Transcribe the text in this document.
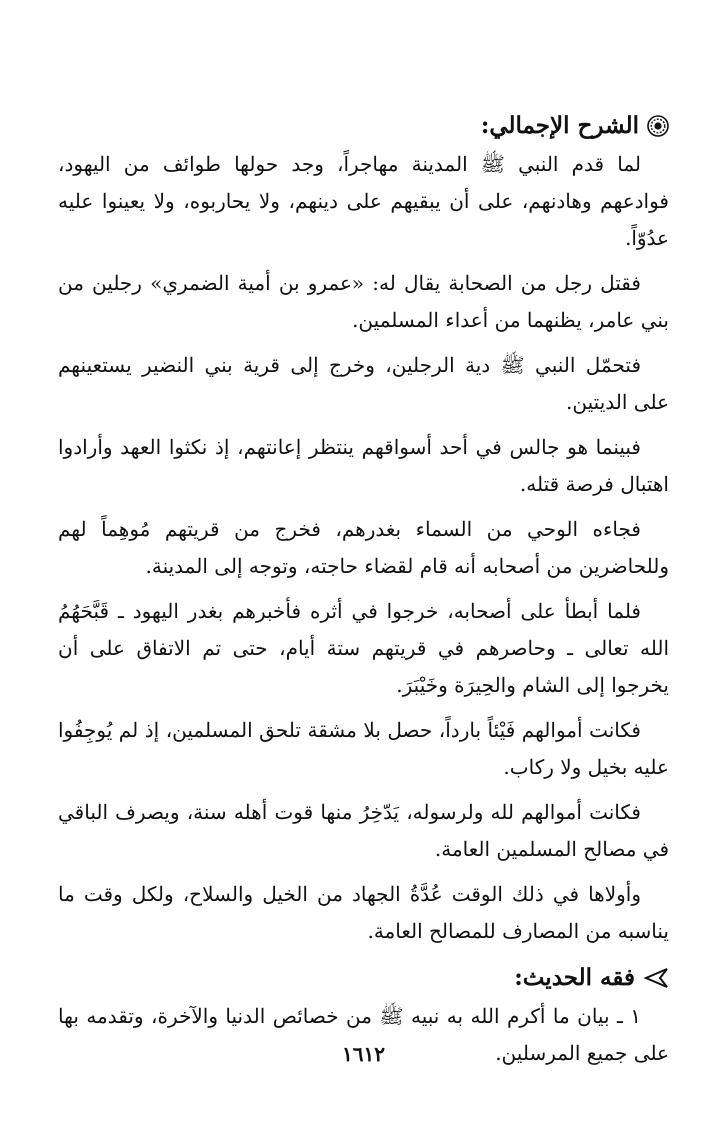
الشرح الإجمالي:

لما قدم النبي ﷺ المدينة مهاجراً، وجد حولها طوائف من اليهود، فوادعهم وهادنهم، على أن يبقيهم على دينهم، ولا يحاربوه، ولا يعينوا عليه عدُوّاً.

فقتل رجل من الصحابة يقال له: «عمرو بن أمية الضمري» رجلين من بني عامر، يظنهما من أعداء المسلمين.

فتحمّل النبي ﷺ دية الرجلين، وخرج إلى قرية بني النضير يستعينهم على الديتين.

فبينما هو جالس في أحد أسواقهم ينتظر إعانتهم، إذ نكثوا العهد وأرادوا اهتبال فرصة قتله.

فجاءه الوحي من السماء بغدرهم، فخرج من قريتهم مُوهِماً لهم وللحاضرين من أصحابه أنه قام لقضاء حاجته، وتوجه إلى المدينة.

فلما أبطأ على أصحابه، خرجوا في أثره فأخبرهم بغدر اليهود ـ قَبَّحَهُمُ الله تعالى ـ وحاصرهم في قريتهم ستة أيام، حتى تم الاتفاق على أن يخرجوا إلى الشام والحِيرَة وخَيْبَرَ.

فكانت أموالهم فَيْئاً بارداً، حصل بلا مشقة تلحق المسلمين، إذ لم يُوجِفُوا عليه بخيل ولا ركاب.

فكانت أموالهم لله ولرسوله، يَدّخِرُ منها قوت أهله سنة، ويصرف الباقي في مصالح المسلمين العامة.

وأولاها في ذلك الوقت عُدَّةُ الجهاد من الخيل والسلاح، ولكل وقت ما يناسبه من المصارف للمصالح العامة.

فقه الحديث:

١ ـ بيان ما أكرم الله به نبيه ﷺ من خصائص الدنيا والآخرة، وتقدمه بها على جميع المرسلين.

١٦١٢
